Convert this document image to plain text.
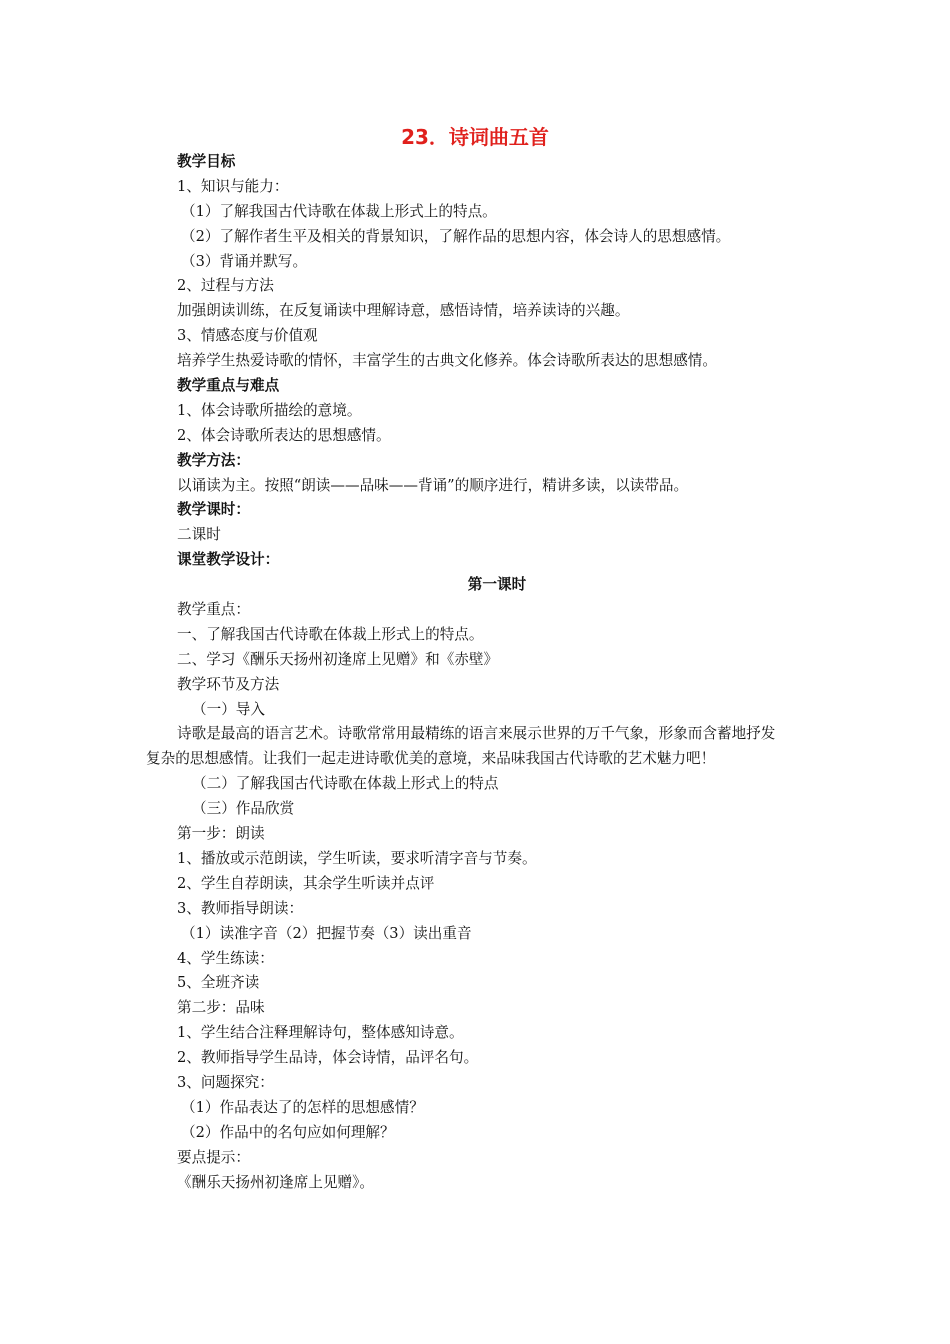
23．诗词曲五首
教学目标
1、知识与能力：
（1）了解我国古代诗歌在体裁上形式上的特点。
（2）了解作者生平及相关的背景知识，了解作品的思想内容，体会诗人的思想感情。
（3）背诵并默写。
2、过程与方法
加强朗读训练，在反复诵读中理解诗意，感悟诗情，培养读诗的兴趣。
3、情感态度与价值观
培养学生热爱诗歌的情怀，丰富学生的古典文化修养。体会诗歌所表达的思想感情。
教学重点与难点
1、体会诗歌所描绘的意境。
2、体会诗歌所表达的思想感情。
教学方法：
以诵读为主。按照“朗读——品味——背诵”的顺序进行，精讲多读，以读带品。
教学课时：
二课时
课堂教学设计：
第一课时
教学重点：
一、了解我国古代诗歌在体裁上形式上的特点。
二、学习《酬乐天扬州初逢席上见赠》和《赤壁》
教学环节及方法
（一）导入
诗歌是最高的语言艺术。诗歌常常用最精练的语言来展示世界的万千气象，形象而含蓄地抒发复杂的思想感情。让我们一起走进诗歌优美的意境，来品味我国古代诗歌的艺术魅力吧！
（二）了解我国古代诗歌在体裁上形式上的特点
（三）作品欣赏
第一步：朗读
1、播放或示范朗读，学生听读，要求听清字音与节奏。
2、学生自荐朗读，其余学生听读并点评
3、教师指导朗读：
（1）读准字音（2）把握节奏（3）读出重音
4、学生练读：
5、全班齐读
第二步：品味
1、学生结合注释理解诗句，整体感知诗意。
2、教师指导学生品诗，体会诗情，品评名句。
3、问题探究：
（1）作品表达了的怎样的思想感情？
（2）作品中的名句应如何理解？
要点提示：
《酬乐天扬州初逢席上见赠》。
